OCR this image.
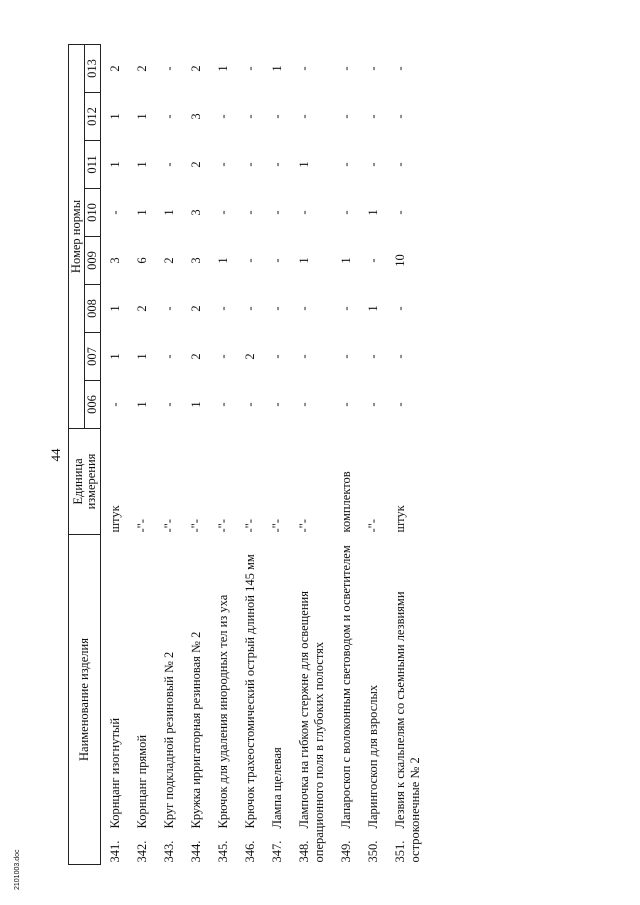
44
Наименование изделия	Единица измерения	Номер нормы							
		006	007	008	009	010	011	012	013
341.Корнцанг изогнутый	штук	-	1	1	3	-	1	1	2
342.Корнцанг прямой	-"-	1	1	2	6	1	1	1	2
343.Круг подкладной резиновый № 2	-"-	-	-	-	2	1	-	-	-
344.Кружка ирригаторная резиновая № 2	-"-	1	2	2	3	3	2	3	2
345.Крючок для удаления инородных тел из уха	-"-	-	-	-	1	-	-	-	1
346.Крючок трахеостомический острый длиной 145 мм	-"-	-	2	-	-	-	-	-	-
347.Лампа щелевая	-"-	-	-	-	-	-	-	-	1
348.Лампочка на гибком стержне для освещения операционного поля в глубоких полостях	-"-	-	-	-	1	-	1	-	-
349.Лапароскоп с волоконным световодом и осветителем	комплектов	-	-	-	1	-	-	-	-
350.Ларингоскоп для взрослых	-"-	-	-	1	-	1	-	-	-
351.Лезвия к скальпелям со съемными лезвиями остроконечные № 2	штук	-	-	-	10	-	-	-	-
2101003.doc
